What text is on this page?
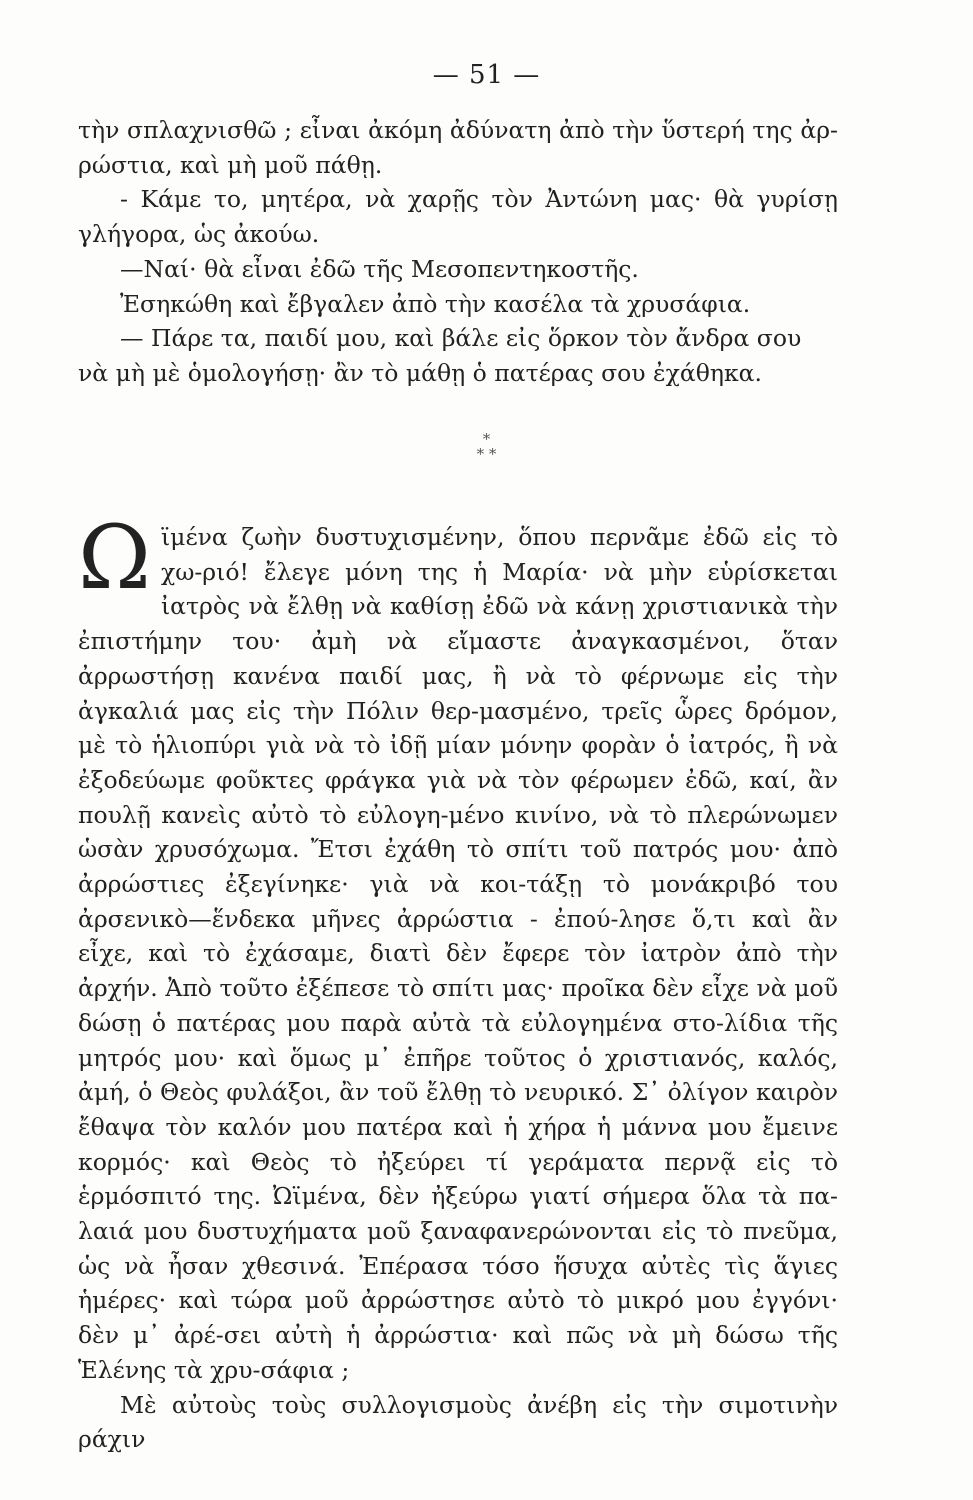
— 51 —

τὴν σπλαχνισθῶ ; εἶναι ἀκόμη ἀδύνατη ἀπὸ τὴν ὕστερή της ἀρ-ρώστια, καὶ μὴ μοῦ πάθῃ.

- Κάμε το, μητέρα, νὰ χαρῇς τὸν Ἀντώνη μας· θὰ γυρίσῃ γλήγορα, ὡς ἀκούω.

—Ναί· θὰ εἶναι ἐδῶ τῆς Μεσοπεντηκοστῆς.

Ἐσηκώθη καὶ ἔβγαλεν ἀπὸ τὴν κασέλα τὰ χρυσάφια.

— Πάρε τα, παιδί μου, καὶ βάλε εἰς ὅρκον τὸν ἄνδρα σου νὰ μὴ μὲ ὁμολογήσῃ· ἂν τὸ μάθῃ ὁ πατέρας σου ἐχάθηκα.

*
* *

Ωϊμένα ζωὴν δυστυχισμένην, ὅπου περνᾶμε ἐδῶ εἰς τὸ χω-ριό! ἔλεγε μόνη της ἡ Μαρία· νὰ μὴν εὑρίσκεται ἰατρὸς νὰ ἔλθῃ νὰ καθίσῃ ἐδῶ νὰ κάνῃ χριστιανικὰ τὴν ἐπιστήμην του· ἀμὴ νὰ εἴμαστε ἀναγκασμένοι, ὅταν ἀρρωστήσῃ κανένα παιδί μας, ἢ νὰ τὸ φέρνωμε εἰς τὴν ἀγκαλιά μας εἰς τὴν Πόλιν θερ-μασμένο, τρεῖς ὧρες δρόμον, μὲ τὸ ἡλιοπύρι γιὰ νὰ τὸ ἰδῇ μίαν μόνην φορὰν ὁ ἰατρός, ἢ νὰ ἐξοδεύωμε φοῦκτες φράγκα γιὰ νὰ τὸν φέρωμεν ἐδῶ, καί, ἂν πουλῇ κανεὶς αὐτὸ τὸ εὐλογη-μένο κινίνο, νὰ τὸ πλερώνωμεν ὡσὰν χρυσόχωμα. Ἔτσι ἐχάθη τὸ σπίτι τοῦ πατρός μου· ἀπὸ ἀρρώστιες ἐξεγίνηκε· γιὰ νὰ κοι-τάξῃ τὸ μονάκριβό του ἀρσενικὸ—ἕνδεκα μῆνες ἀρρώστια - ἐπού-λησε ὅ,τι καὶ ἂν εἶχε, καὶ τὸ ἐχάσαμε, διατὶ δὲν ἔφερε τὸν ἰατρὸν ἀπὸ τὴν ἀρχήν. Ἀπὸ τοῦτο ἐξέπεσε τὸ σπίτι μας· προῖκα δὲν εἶχε νὰ μοῦ δώσῃ ὁ πατέρας μου παρὰ αὐτὰ τὰ εὐλογημένα στο-λίδια τῆς μητρός μου· καὶ ὅμως μ᾽ ἐπῆρε τοῦτος ὁ χριστιανός, καλός, ἀμή, ὁ Θεὸς φυλάξοι, ἂν τοῦ ἔλθῃ τὸ νευρικό. Σ᾽ ὀλίγον καιρὸν ἔθαψα τὸν καλόν μου πατέρα καὶ ἡ χήρα ἡ μάννα μου ἔμεινε κορμός· καὶ Θεὸς τὸ ἠξεύρει τί γεράματα περνᾷ εἰς τὸ ἑρμόσπιτό της. Ὠϊμένα, δὲν ἠξεύρω γιατί σήμερα ὅλα τὰ πα-λαιά μου δυστυχήματα μοῦ ξαναφανερώνονται εἰς τὸ πνεῦμα, ὡς νὰ ἦσαν χθεσινά. Ἐπέρασα τόσο ἥσυχα αὐτὲς τὶς ἅγιες ἡμέρες· καὶ τώρα μοῦ ἀρρώστησε αὐτὸ τὸ μικρό μου ἐγγόνι· δὲν μ᾽ ἀρέ-σει αὐτὴ ἡ ἀρρώστια· καὶ πῶς νὰ μὴ δώσω τῆς Ἑλένης τὰ χρυ-σάφια ;

Μὲ αὐτοὺς τοὺς συλλογισμοὺς ἀνέβη εἰς τὴν σιμοτινὴν ράχιν
